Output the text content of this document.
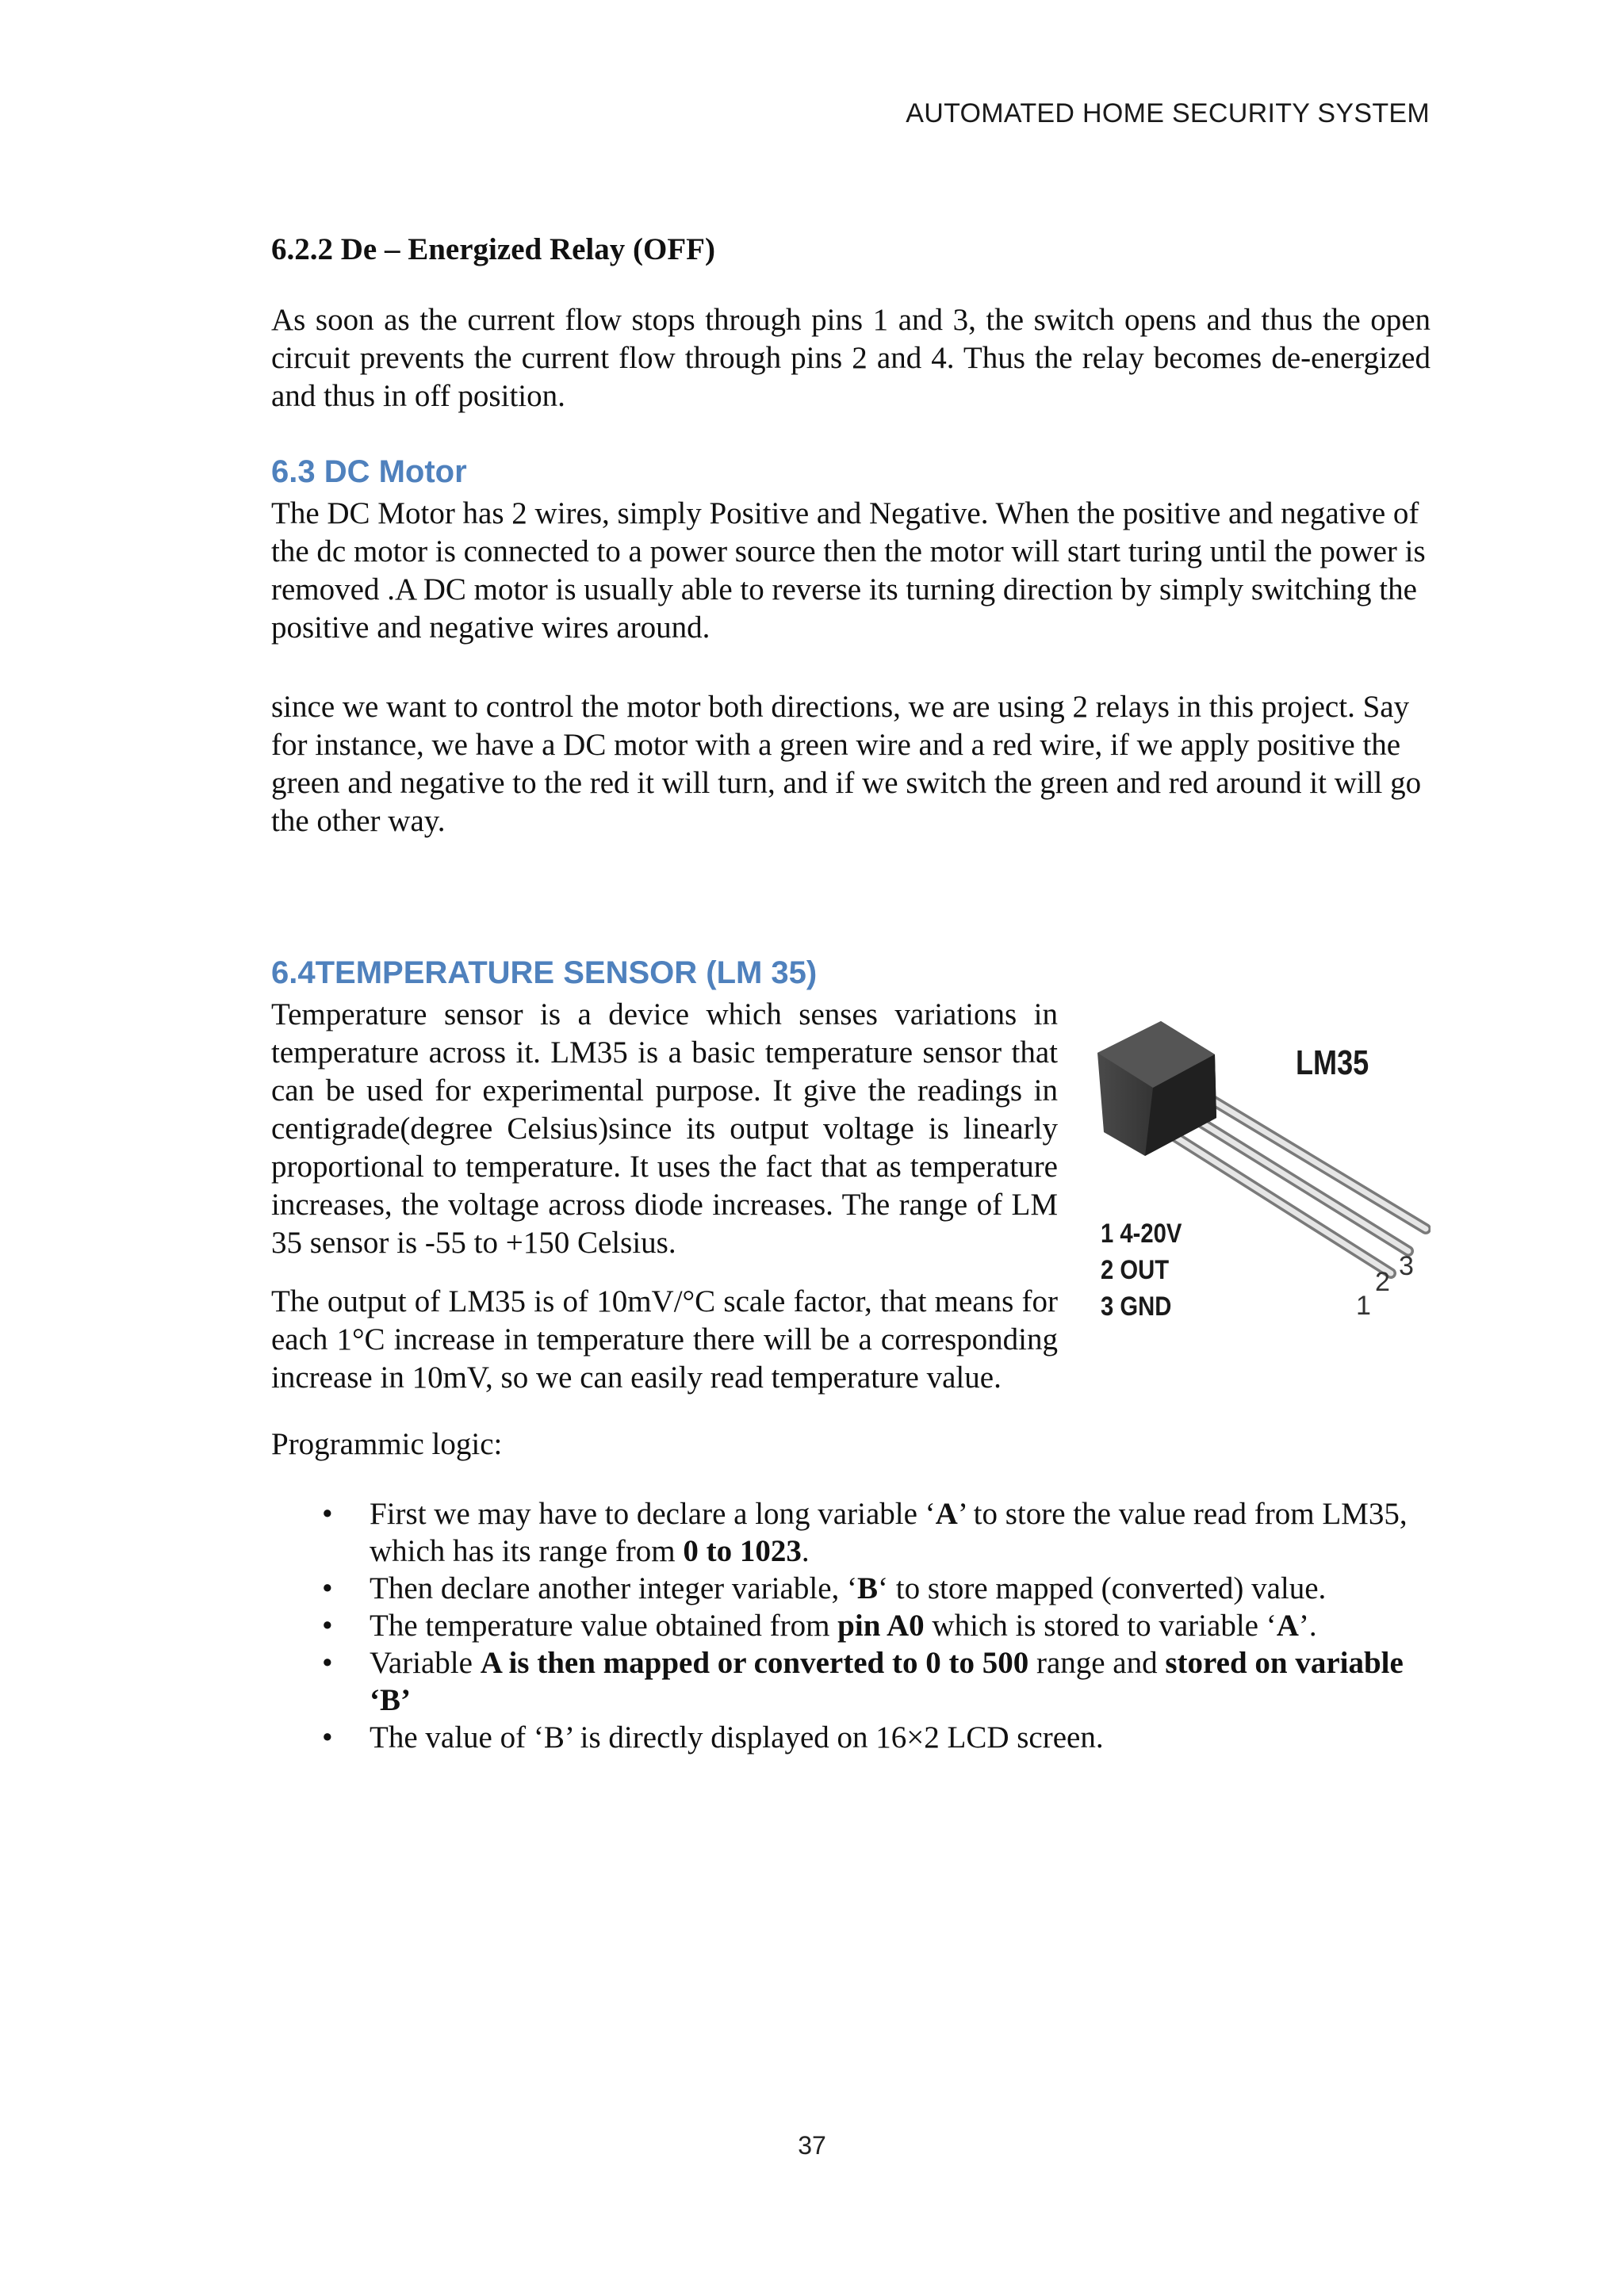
AUTOMATED HOME SECURITY SYSTEM
6.2.2 De – Energized Relay (OFF)

As soon as the current flow stops through pins 1 and 3, the switch opens and thus the open circuit prevents the current flow through pins 2 and 4. Thus the relay becomes de-energized and thus in off position.

6.3 DC Motor

The DC Motor has 2 wires, simply Positive and Negative. When the positive and negative of the dc motor is connected to a power source then the motor will start turing until the power is removed .A DC motor is usually able to reverse its turning direction by simply switching the positive and negative wires around.

since we want to control the motor both directions, we are using 2 relays in this project. Say for instance, we have a DC motor with a green wire and a red wire, if we apply positive the green and negative to the red it will turn, and if we switch the green and red around it will go the other way.

6.4TEMPERATURE SENSOR (LM 35)

Temperature sensor is a device which senses variations in temperature across it. LM35 is a basic temperature sensor that can be used for experimental purpose. It give the readings in centigrade(degree Celsius)since its output voltage is linearly proportional to temperature. It uses the fact that as temperature increases, the voltage across diode increases. The range of LM 35 sensor is -55 to +150 Celsius.

The output of LM35 is of 10mV/°C scale factor, that means for each 1°C increase in temperature there will be a corresponding increase in 10mV, so we can easily read temperature value.

LM35
1 4-20V
2 OUT
3 GND	1
2
3

Programmic logic:

• First we may have to declare a long variable ‘A’ to store the value read from LM35, which has its range from 0 to 1023.
• Then declare another integer variable, ‘B‘ to store mapped (converted) value.
• The temperature value obtained from pin A0 which is stored to variable ‘A’.
• Variable A is then mapped or converted to 0 to 500 range and stored on variable ‘B’
• The value of ‘B’ is directly displayed on 16×2 LCD screen.
37
